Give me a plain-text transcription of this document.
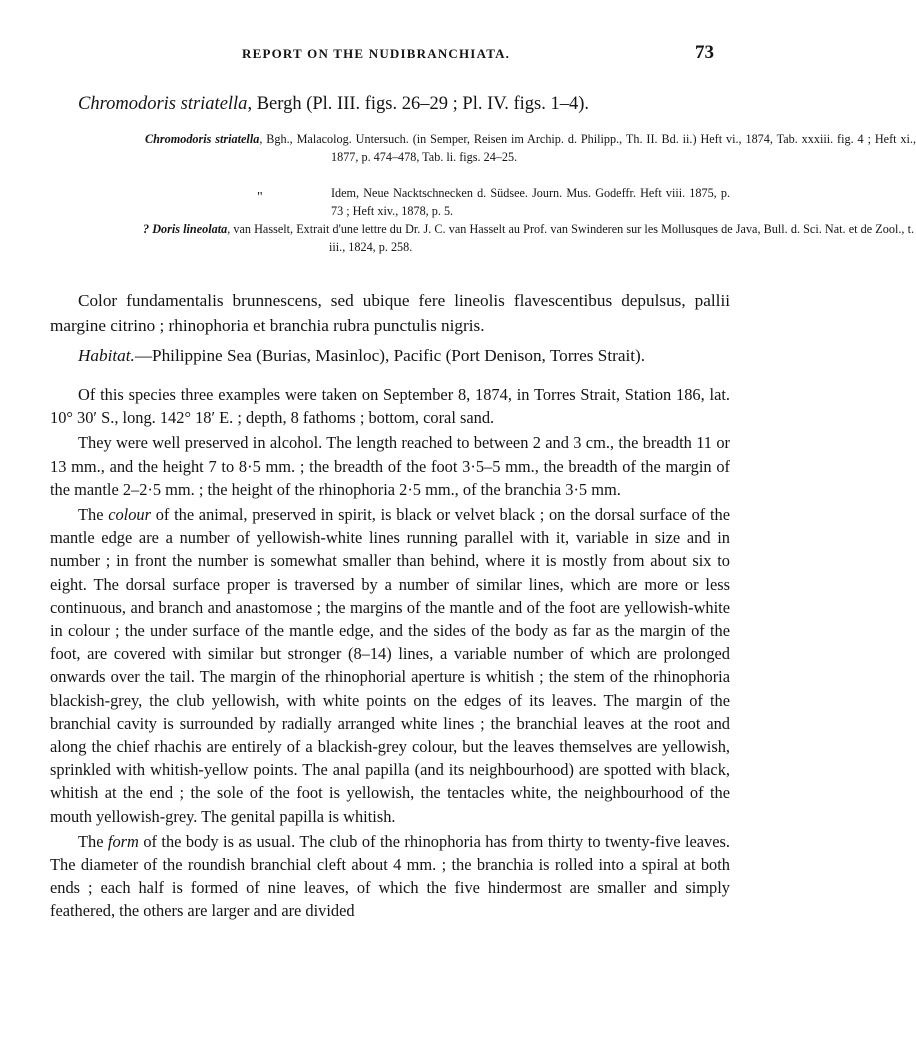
REPORT ON THE NUDIBRANCHIATA.	73
Chromodoris striatella, Bergh (Pl. III. figs. 26–29 ; Pl. IV. figs. 1–4).
Chromodoris striatella, Bgh., Malacolog. Untersuch. (in Semper, Reisen im Archip. d. Philipp., Th. II. Bd. ii.) Heft vi., 1874, Tab. xxxiii. fig. 4 ; Heft xi., 1877, p. 474–478, Tab. li. figs. 24–25.
"	Idem, Neue Nacktschnecken d. Südsee. Journ. Mus. Godeffr. Heft viii. 1875, p. 73 ; Heft xiv., 1878, p. 5.
? Doris lineolata, van Hasselt, Extrait d'une lettre du Dr. J. C. van Hasselt au Prof. van Swinderen sur les Mollusques de Java, Bull. d. Sci. Nat. et de Zool., t. iii., 1824, p. 258.
Color fundamentalis brunnescens, sed ubique fere lineolis flavescentibus depulsus, pallii margine citrino ; rhinophoria et branchia rubra punctulis nigris.
Habitat.—Philippine Sea (Burias, Masinloc), Pacific (Port Denison, Torres Strait).

Of this species three examples were taken on September 8, 1874, in Torres Strait, Station 186, lat. 10° 30′ S., long. 142° 18′ E. ; depth, 8 fathoms ; bottom, coral sand.

They were well preserved in alcohol. The length reached to between 2 and 3 cm., the breadth 11 or 13 mm., and the height 7 to 8·5 mm. ; the breadth of the foot 3·5–5 mm., the breadth of the margin of the mantle 2–2·5 mm. ; the height of the rhinophoria 2·5 mm., of the branchia 3·5 mm.

The colour of the animal, preserved in spirit, is black or velvet black ; on the dorsal surface of the mantle edge are a number of yellowish-white lines running parallel with it, variable in size and in number ; in front the number is somewhat smaller than behind, where it is mostly from about six to eight. The dorsal surface proper is traversed by a number of similar lines, which are more or less continuous, and branch and anastomose ; the margins of the mantle and of the foot are yellowish-white in colour ; the under surface of the mantle edge, and the sides of the body as far as the margin of the foot, are covered with similar but stronger (8–14) lines, a variable number of which are prolonged onwards over the tail. The margin of the rhinophorial aperture is whitish ; the stem of the rhinophoria blackish-grey, the club yellowish, with white points on the edges of its leaves. The margin of the branchial cavity is surrounded by radially arranged white lines ; the branchial leaves at the root and along the chief rhachis are entirely of a blackish-grey colour, but the leaves themselves are yellowish, sprinkled with whitish-yellow points. The anal papilla (and its neighbourhood) are spotted with black, whitish at the end ; the sole of the foot is yellowish, the tentacles white, the neighbourhood of the mouth yellowish-grey. The genital papilla is whitish.

The form of the body is as usual. The club of the rhinophoria has from thirty to twenty-five leaves. The diameter of the roundish branchial cleft about 4 mm. ; the branchia is rolled into a spiral at both ends ; each half is formed of nine leaves, of which the five hindermost are smaller and simply feathered, the others are larger and are divided
